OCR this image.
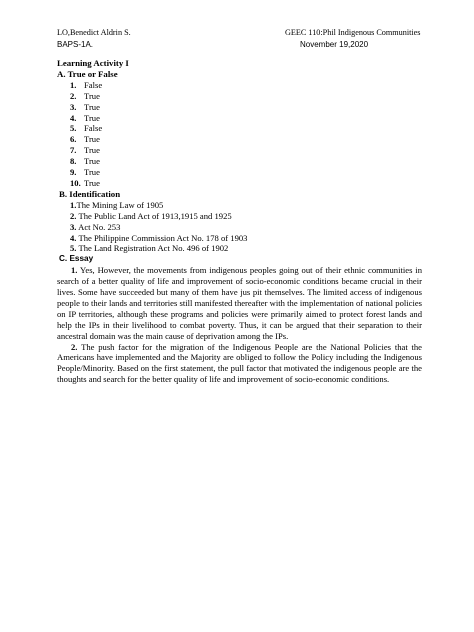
LO,Benedict Aldrin S.
BAPS-1A.
GEEC 110:Phil Indigenous Communities
November 19,2020
Learning Activity I
A. True or False
1. False
2. True
3. True
4. True
5. False
6. True
7. True
8. True
9. True
10. True
B. Identification
1.The Mining Law of 1905
2. The Public Land Act of 1913,1915 and 1925
3. Act No. 253
4. The Philippine Commission Act No. 178 of 1903
5. The Land Registration Act No. 496 of 1902
C. Essay

1. Yes, However, the movements from indigenous peoples going out of their ethnic communities in search of a better quality of life and improvement of socio-economic conditions became crucial in their lives. Some have succeeded but many of them have jus pit themselves. The limited access of indigenous people to their lands and territories still manifested thereafter with the implementation of national policies on IP territories, although these programs and policies were primarily aimed to protect forest lands and help the IPs in their livelihood to combat poverty. Thus, it can be argued that their separation to their ancestral domain was the main cause of deprivation among the IPs.

2. The push factor for the migration of the Indigenous People are the National Policies that the Americans have implemented and the Majority are obliged to follow the Policy including the Indigenous People/Minority. Based on the first statement, the pull factor that motivated the indigenous people are the thoughts and search for the better quality of life and improvement of socio-economic conditions.
